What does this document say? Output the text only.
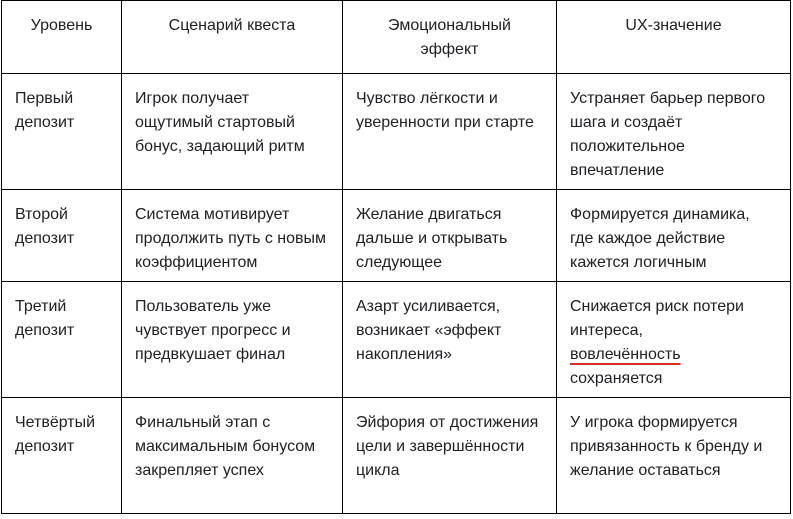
Уровень	Сценарий квеста	Эмоциональный эффект	UX-значение

Первый депозит	Игрок получает ощутимый стартовый бонус, задающий ритм	Чувство лёгкости и уверенности при старте	Устраняет барьер первого шага и создаёт положительное впечатление

Второй депозит	Система мотивирует продолжить путь с новым коэффициентом	Желание двигаться дальше и открывать следующее	Формируется динамика, где каждое действие кажется логичным

Третий депозит	Пользователь уже чувствует прогресс и предвкушает финал	Азарт усиливается, возникает «эффект накопления»	Снижается риск потери интереса,
вовлечённость
сохраняется

Четвёртый депозит	Финальный этап с максимальным бонусом закрепляет успех	Эйфория от достижения цели и завершённости цикла	У игрока формируется привязанность к бренду и желание оставаться
